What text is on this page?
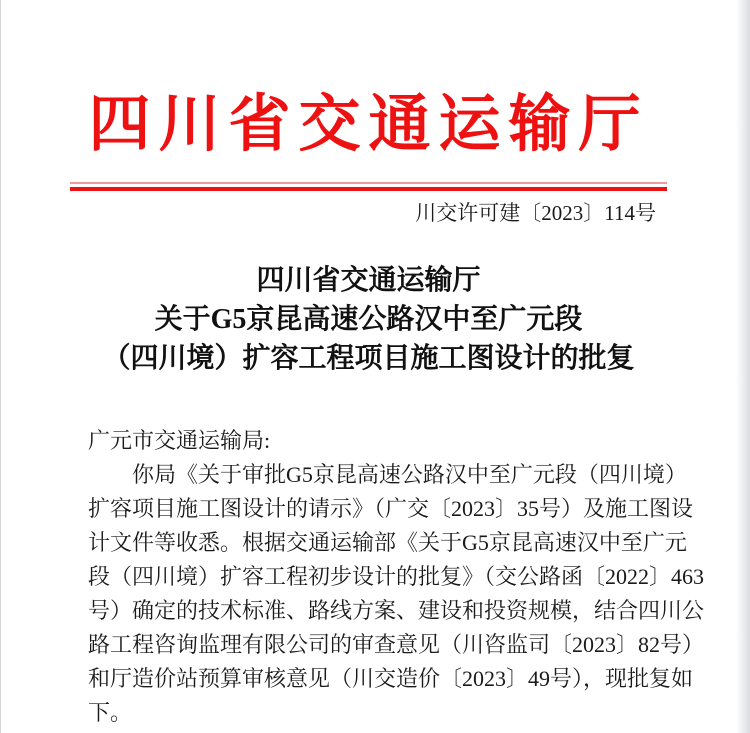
四川省交通运输厅
川交许可建〔2023〕114号
四川省交通运输厅
关于G5京昆高速公路汉中至广元段
（四川境）扩容工程项目施工图设计的批复
广元市交通运输局:
你局《关于审批G5京昆高速公路汉中至广元段（四川境）
扩容项目施工图设计的请示》（广交〔2023〕35号）及施工图设
计文件等收悉。根据交通运输部《关于G5京昆高速汉中至广元
段（四川境）扩容工程初步设计的批复》（交公路函〔2022〕463
号）确定的技术标准、路线方案、建设和投资规模，结合四川公
路工程咨询监理有限公司的审查意见（川咨监司〔2023〕82号）
和厅造价站预算审核意见（川交造价〔2023〕49号），现批复如
下。
